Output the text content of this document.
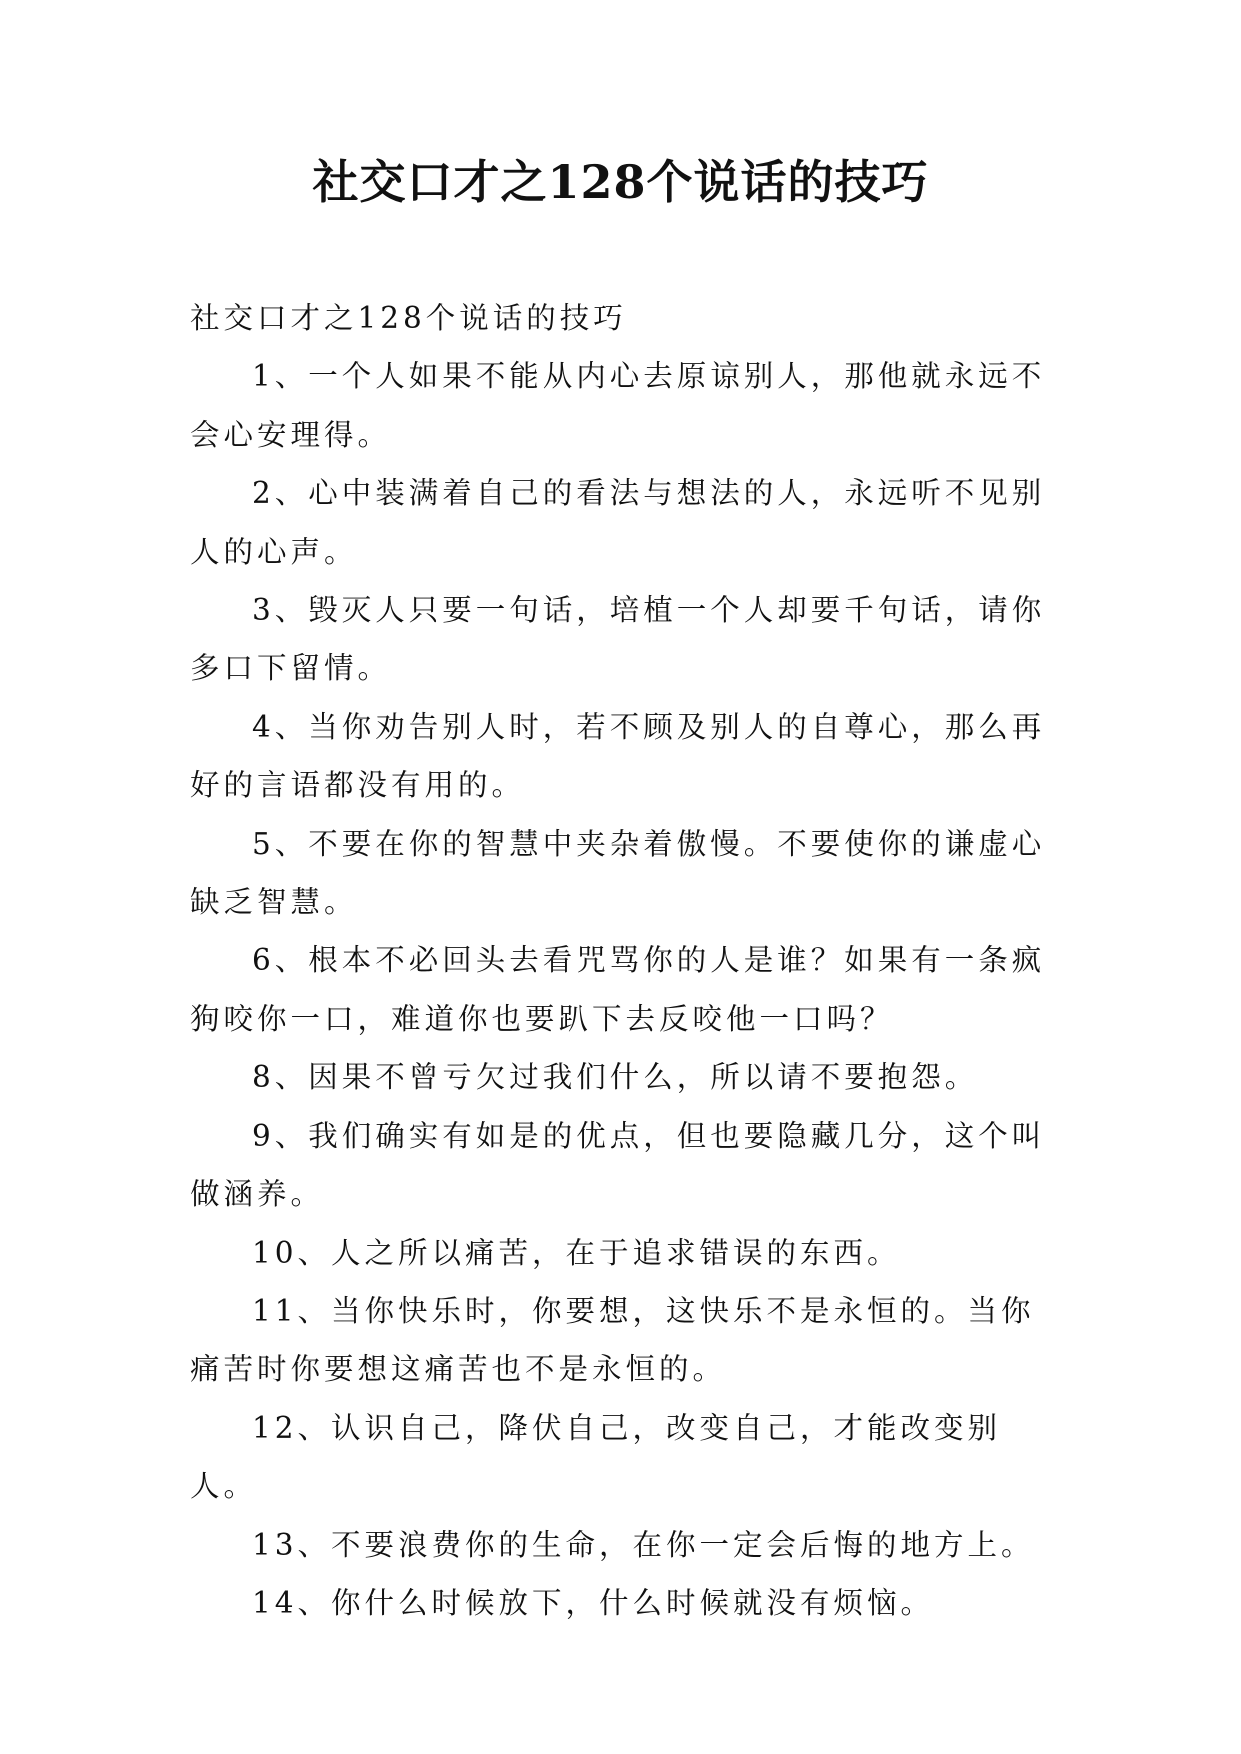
社交口才之128个说话的技巧

社交口才之128个说话的技巧

1、一个人如果不能从内心去原谅别人，那他就永远不会心安理得。

2、心中装满着自己的看法与想法的人，永远听不见别人的心声。

3、毁灭人只要一句话，培植一个人却要千句话，请你多口下留情。

4、当你劝告别人时，若不顾及别人的自尊心，那么再好的言语都没有用的。

5、不要在你的智慧中夹杂着傲慢。不要使你的谦虚心缺乏智慧。

6、根本不必回头去看咒骂你的人是谁？如果有一条疯狗咬你一口，难道你也要趴下去反咬他一口吗？

8、因果不曾亏欠过我们什么，所以请不要抱怨。

9、我们确实有如是的优点，但也要隐藏几分，这个叫做涵养。

10、人之所以痛苦，在于追求错误的东西。

11、当你快乐时，你要想，这快乐不是永恒的。当你痛苦时你要想这痛苦也不是永恒的。

12、认识自己，降伏自己，改变自己，才能改变别人。

13、不要浪费你的生命，在你一定会后悔的地方上。

14、你什么时候放下，什么时候就没有烦恼。
